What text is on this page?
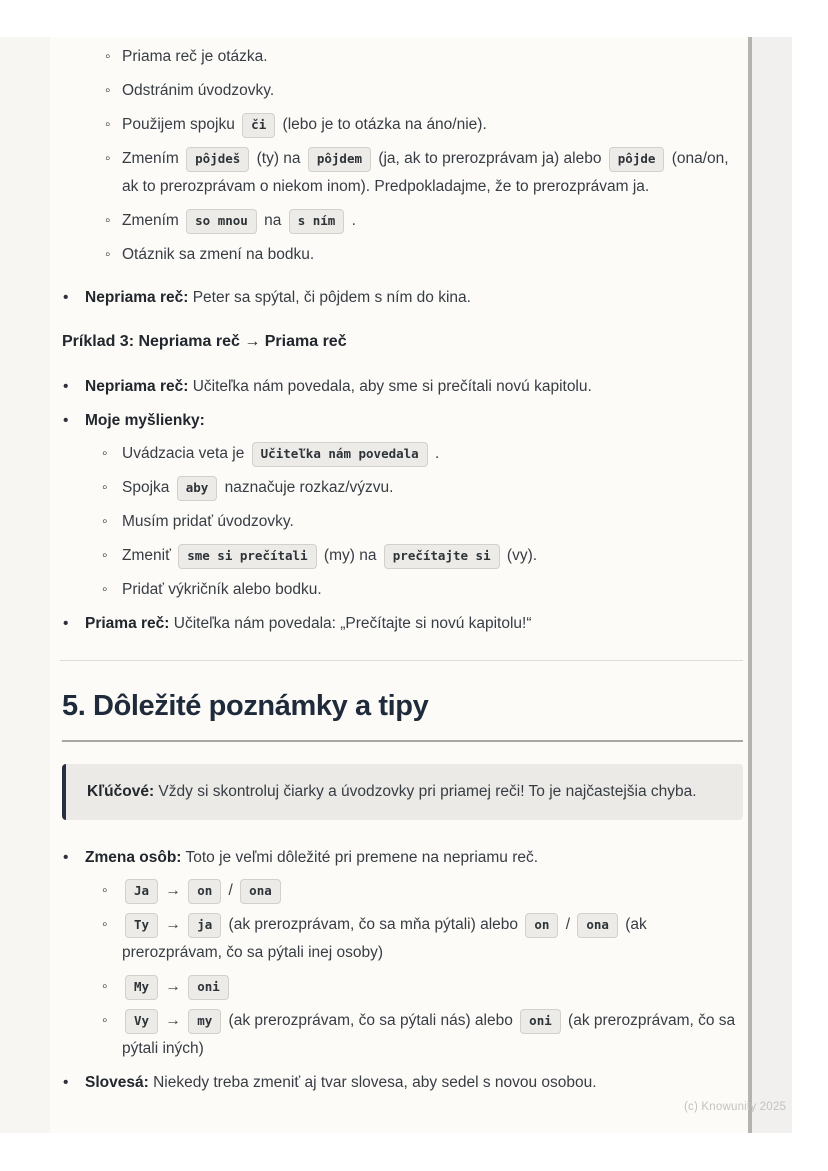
◦ Priama reč je otázka.
◦ Odstránim úvodzovky.
◦ Použijem spojku či (lebo je to otázka na áno/nie).
◦ Zmením pôjdeš (ty) na pôjdem (ja, ak to prerozprávam ja) alebo pôjde (ona/on, ak to prerozprávam o niekom inom). Predpokladajme, že to prerozprávam ja.
◦ Zmením so mnou na s ním .
◦ Otáznik sa zmení na bodku.
• Nepriama reč: Peter sa spýtal, či pôjdem s ním do kina.

Príklad 3: Nepriama reč → Priama reč

• Nepriama reč: Učiteľka nám povedala, aby sme si prečítali novú kapitolu.
• Moje myšlienky:
◦ Uvádzacia veta je Učiteľka nám povedala .
◦ Spojka aby naznačuje rozkaz/výzvu.
◦ Musím pridať úvodzovky.
◦ Zmeniť sme si prečítali (my) na prečítajte si (vy).
◦ Pridať výkričník alebo bodku.
• Priama reč: Učiteľka nám povedala: „Prečítajte si novú kapitolu!“
5. Dôležité poznámky a tipy

Kľúčové: Vždy si skontroluj čiarky a úvodzovky pri priamej reči! To je najčastejšia chyba.

• Zmena osôb: Toto je veľmi dôležité pri premene na nepriamu reč.
◦ Ja → on / ona
◦ Ty → ja (ak prerozprávam, čo sa mňa pýtali) alebo on / ona (ak prerozprávam, čo sa pýtali inej osoby)
◦ My → oni
◦ Vy → my (ak prerozprávam, čo sa pýtali nás) alebo oni (ak prerozprávam, čo sa pýtali iných)
• Slovesá: Niekedy treba zmeniť aj tvar slovesa, aby sedel s novou osobou.
(c) Knowunity 2025
